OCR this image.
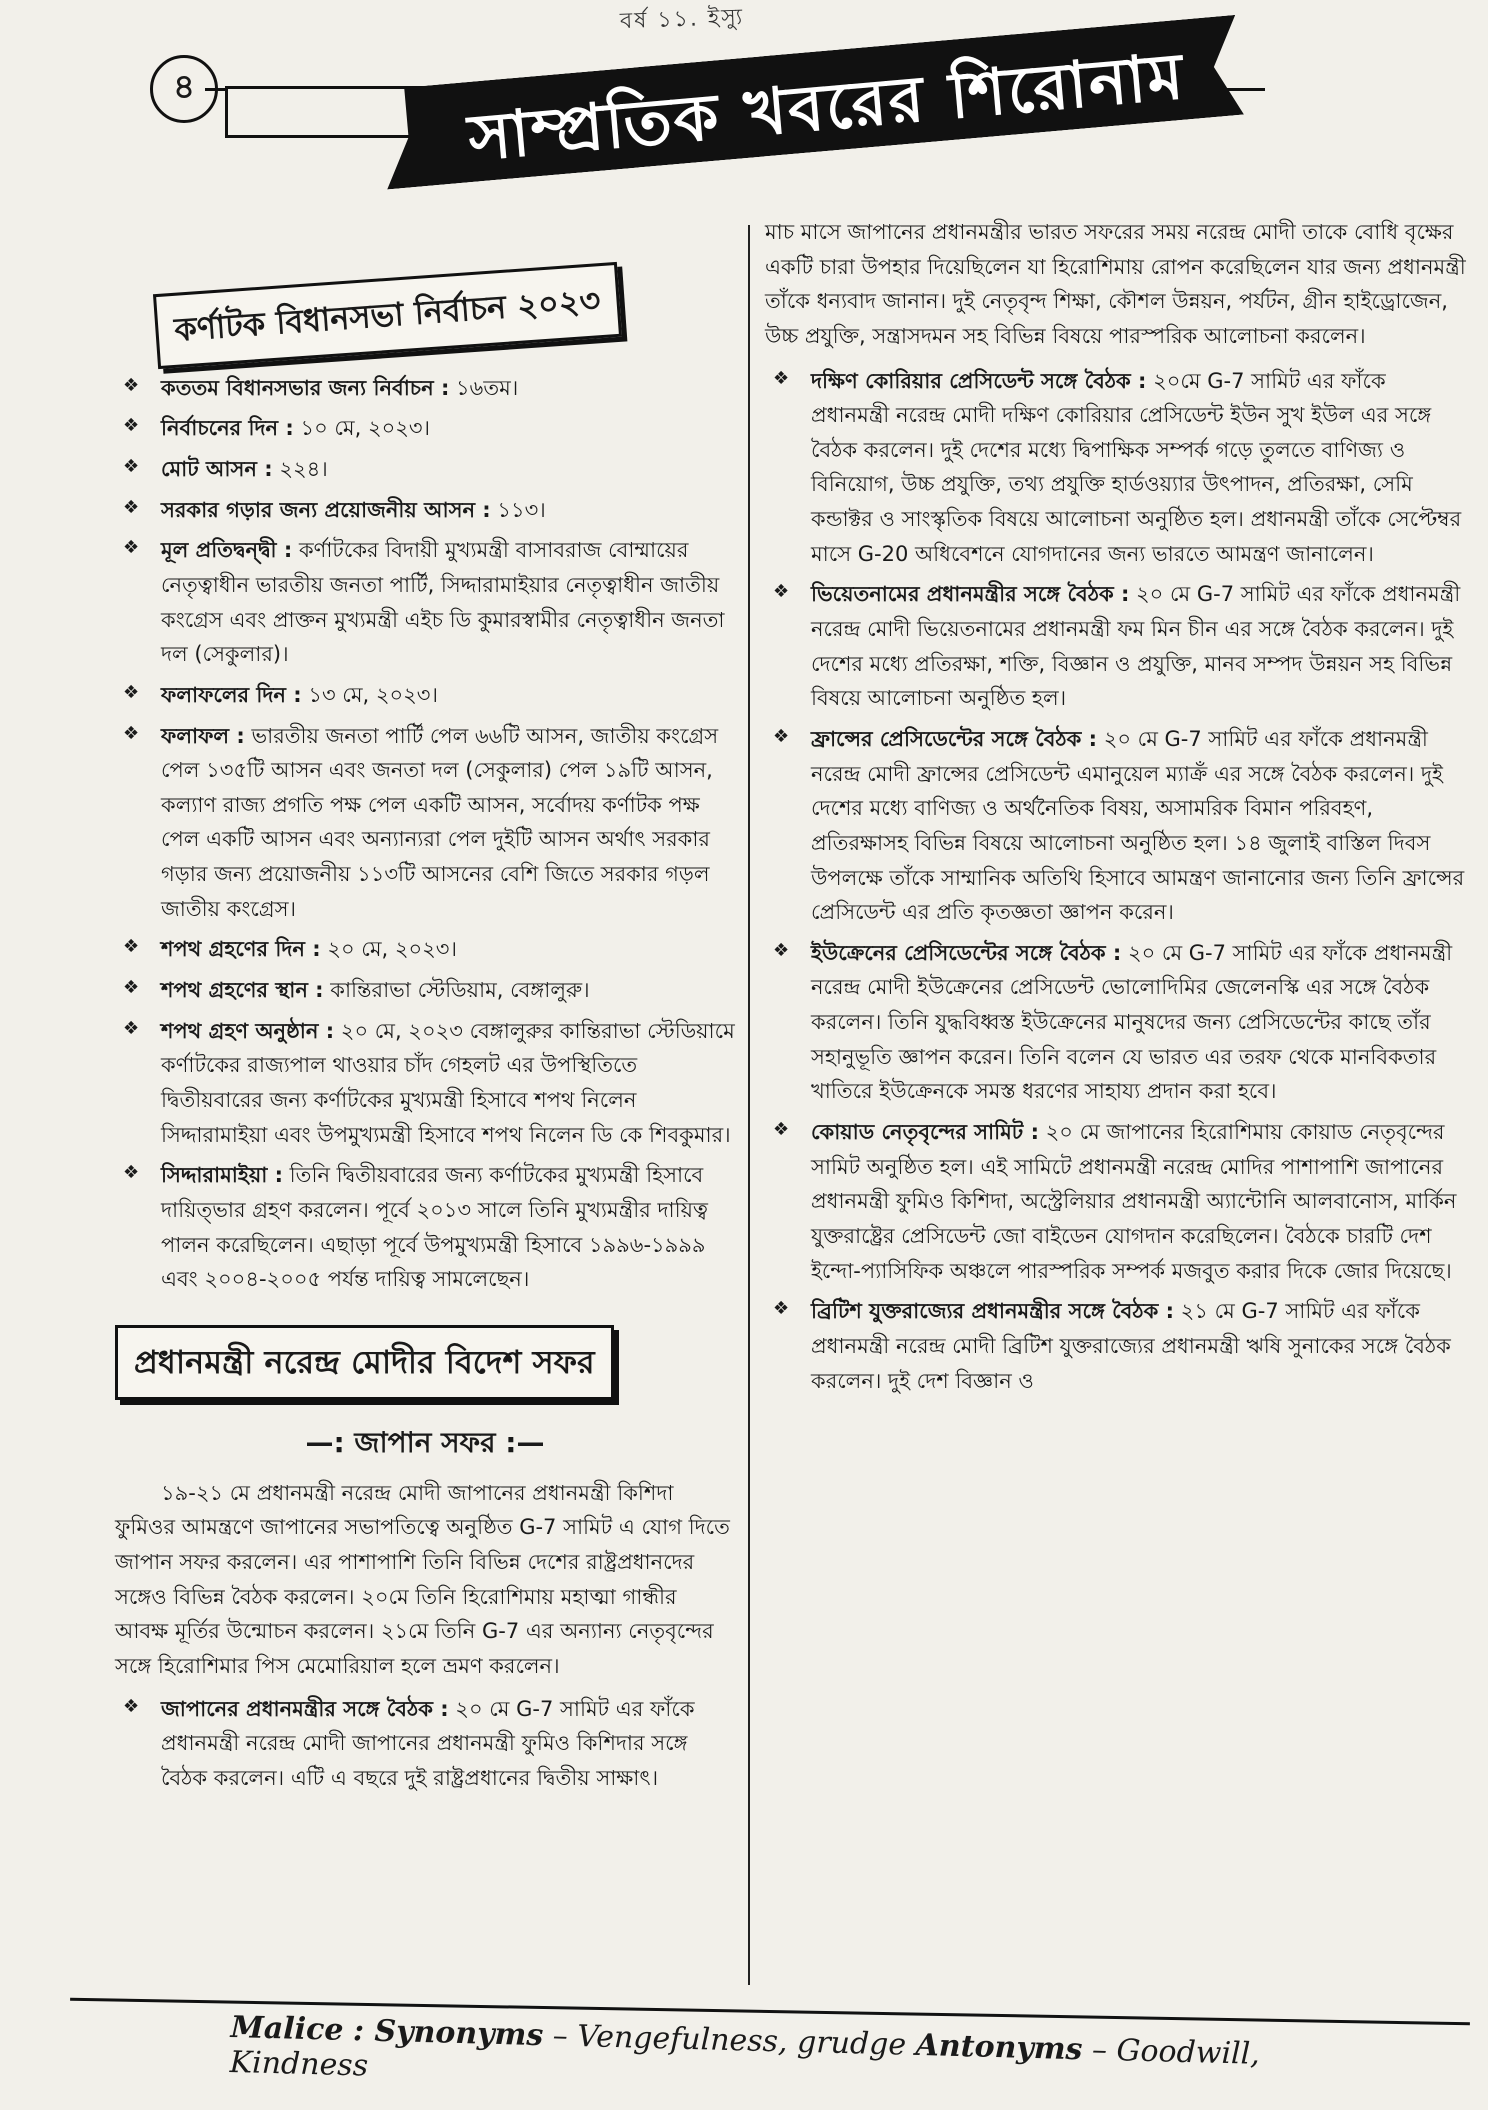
বর্ষ ১১. ইস্যু
৪	সাম্প্রতিক খবরের শিরোনাম
কর্ণাটক বিধানসভা নির্বাচন ২০২৩
❖ কততম বিধানসভার জন্য নির্বাচন : ১৬তম।
❖ নির্বাচনের দিন : ১০ মে, ২০২৩।
❖ মোট আসন : ২২৪।
❖ সরকার গড়ার জন্য প্রয়োজনীয় আসন : ১১৩।
❖ মূল প্রতিদ্বন্দ্বী : কর্ণাটকের বিদায়ী মুখ্যমন্ত্রী বাসাবরাজ বোম্মায়ের নেতৃত্বাধীন ভারতীয় জনতা পার্টি, সিদ্দারামাইয়ার নেতৃত্বাধীন জাতীয় কংগ্রেস এবং প্রাক্তন মুখ্যমন্ত্রী এইচ ডি কুমারস্বামীর নেতৃত্বাধীন জনতা দল (সেকুলার)।
❖ ফলাফলের দিন : ১৩ মে, ২০২৩।
❖ ফলাফল : ভারতীয় জনতা পার্টি পেল ৬৬টি আসন, জাতীয় কংগ্রেস পেল ১৩৫টি আসন এবং জনতা দল (সেকুলার) পেল ১৯টি আসন, কল্যাণ রাজ্য প্রগতি পক্ষ পেল একটি আসন, সর্বোদয় কর্ণাটক পক্ষ পেল একটি আসন এবং অন্যান্যরা পেল দুইটি আসন অর্থাৎ সরকার গড়ার জন্য প্রয়োজনীয় ১১৩টি আসনের বেশি জিতে সরকার গড়ল জাতীয় কংগ্রেস।
❖ শপথ গ্রহণের দিন : ২০ মে, ২০২৩।
❖ শপথ গ্রহণের স্থান : কান্তিরাভা স্টেডিয়াম, বেঙ্গালুরু।
❖ শপথ গ্রহণ অনুষ্ঠান : ২০ মে, ২০২৩ বেঙ্গালুরুর কান্তিরাভা স্টেডিয়ামে কর্ণাটকের রাজ্যপাল থাওয়ার চাঁদ গেহলট এর উপস্থিতিতে দ্বিতীয়বারের জন্য কর্ণাটকের মুখ্যমন্ত্রী হিসাবে শপথ নিলেন সিদ্দারামাইয়া এবং উপমুখ্যমন্ত্রী হিসাবে শপথ নিলেন ডি কে শিবকুমার।
❖ সিদ্দারামাইয়া : তিনি দ্বিতীয়বারের জন্য কর্ণাটকের মুখ্যমন্ত্রী হিসাবে দায়িত্ভার গ্রহণ করলেন। পূর্বে ২০১৩ সালে তিনি মুখ্যমন্ত্রীর দায়িত্ব পালন করেছিলেন। এছাড়া পূর্বে উপমুখ্যমন্ত্রী হিসাবে ১৯৯৬-১৯৯৯ এবং ২০০৪-২০০৫ পর্যন্ত দায়িত্ব সামলেছেন।
প্রধানমন্ত্রী নরেন্দ্র মোদীর বিদেশ সফর
—: জাপান সফর :—

১৯-২১ মে প্রধানমন্ত্রী নরেন্দ্র মোদী জাপানের প্রধানমন্ত্রী কিশিদা ফুমিওর আমন্ত্রণে জাপানের সভাপতিত্বে অনুষ্ঠিত G-7 সামিট এ যোগ দিতে জাপান সফর করলেন। এর পাশাপাশি তিনি বিভিন্ন দেশের রাষ্ট্রপ্রধানদের সঙ্গেও বিভিন্ন বৈঠক করলেন। ২০মে তিনি হিরোশিমায় মহাত্মা গান্ধীর আবক্ষ মূর্তির উন্মোচন করলেন। ২১মে তিনি G-7 এর অন্যান্য নেতৃবৃন্দের সঙ্গে হিরোশিমার পিস মেমোরিয়াল হলে ভ্রমণ করলেন।

❖ জাপানের প্রধানমন্ত্রীর সঙ্গে বৈঠক : ২০ মে G-7 সামিট এর ফাঁকে প্রধানমন্ত্রী নরেন্দ্র মোদী জাপানের প্রধানমন্ত্রী ফুমিও কিশিদার সঙ্গে বৈঠক করলেন। এটি এ বছরে দুই রাষ্ট্রপ্রধানের দ্বিতীয় সাক্ষাৎ।

মাচ মাসে জাপানের প্রধানমন্ত্রীর ভারত সফরের সময় নরেন্দ্র মোদী তাকে বোধি বৃক্ষের একটি চারা উপহার দিয়েছিলেন যা হিরোশিমায় রোপন করেছিলেন যার জন্য প্রধানমন্ত্রী তাঁকে ধন্যবাদ জানান। দুই নেতৃবৃন্দ শিক্ষা, কৌশল উন্নয়ন, পর্যটন, গ্রীন হাইড্রোজেন, উচ্চ প্রযুক্তি, সন্ত্রাসদমন সহ বিভিন্ন বিষয়ে পারস্পরিক আলোচনা করলেন।

❖ দক্ষিণ কোরিয়ার প্রেসিডেন্ট সঙ্গে বৈঠক : ২০মে G-7 সামিট এর ফাঁকে প্রধানমন্ত্রী নরেন্দ্র মোদী দক্ষিণ কোরিয়ার প্রেসিডেন্ট ইউন সুখ ইউল এর সঙ্গে বৈঠক করলেন। দুই দেশের মধ্যে দ্বিপাক্ষিক সম্পর্ক গড়ে তুলতে বাণিজ্য ও বিনিয়োগ, উচ্চ প্রযুক্তি, তথ্য প্রযুক্তি হার্ডওয়্যার উৎপাদন, প্রতিরক্ষা, সেমি কন্ডাক্টর ও সাংস্কৃতিক বিষয়ে আলোচনা অনুষ্ঠিত হল। প্রধানমন্ত্রী তাঁকে সেপ্টেম্বর মাসে G-20 অধিবেশনে যোগদানের জন্য ভারতে আমন্ত্রণ জানালেন।
❖ ভিয়েতনামের প্রধানমন্ত্রীর সঙ্গে বৈঠক : ২০ মে G-7 সামিট এর ফাঁকে প্রধানমন্ত্রী নরেন্দ্র মোদী ভিয়েতনামের প্রধানমন্ত্রী ফম মিন চীন এর সঙ্গে বৈঠক করলেন। দুই দেশের মধ্যে প্রতিরক্ষা, শক্তি, বিজ্ঞান ও প্রযুক্তি, মানব সম্পদ উন্নয়ন সহ বিভিন্ন বিষয়ে আলোচনা অনুষ্ঠিত হল।
❖ ফ্রান্সের প্রেসিডেন্টের সঙ্গে বৈঠক : ২০ মে G-7 সামিট এর ফাঁকে প্রধানমন্ত্রী নরেন্দ্র মোদী ফ্রান্সের প্রেসিডেন্ট এমানুয়েল ম্যাক্রঁ এর সঙ্গে বৈঠক করলেন। দুই দেশের মধ্যে বাণিজ্য ও অর্থনৈতিক বিষয়, অসামরিক বিমান পরিবহণ, প্রতিরক্ষাসহ বিভিন্ন বিষয়ে আলোচনা অনুষ্ঠিত হল। ১৪ জুলাই বাস্তিল দিবস উপলক্ষে তাঁকে সাম্মানিক অতিথি হিসাবে আমন্ত্রণ জানানোর জন্য তিনি ফ্রান্সের প্রেসিডেন্ট এর প্রতি কৃতজ্ঞতা জ্ঞাপন করেন।
❖ ইউক্রেনের প্রেসিডেন্টের সঙ্গে বৈঠক : ২০ মে G-7 সামিট এর ফাঁকে প্রধানমন্ত্রী নরেন্দ্র মোদী ইউক্রেনের প্রেসিডেন্ট ভোলোদিমির জেলেনস্কি এর সঙ্গে বৈঠক করলেন। তিনি যুদ্ধবিধ্বস্ত ইউক্রেনের মানুষদের জন্য প্রেসিডেন্টের কাছে তাঁর সহানুভূতি জ্ঞাপন করেন। তিনি বলেন যে ভারত এর তরফ থেকে মানবিকতার খাতিরে ইউক্রেনকে সমস্ত ধরণের সাহায্য প্রদান করা হবে।
❖ কোয়াড নেতৃবৃন্দের সামিট : ২০ মে জাপানের হিরোশিমায় কোয়াড নেতৃবৃন্দের সামিট অনুষ্ঠিত হল। এই সামিটে প্রধানমন্ত্রী নরেন্দ্র মোদির পাশাপাশি জাপানের প্রধানমন্ত্রী ফুমিও কিশিদা, অস্ট্রেলিয়ার প্রধানমন্ত্রী অ্যান্টোনি আলবানোস, মার্কিন যুক্তরাষ্ট্রের প্রেসিডেন্ট জো বাইডেন যোগদান করেছিলেন। বৈঠকে চারটি দেশ ইন্দো-প্যাসিফিক অঞ্চলে পারস্পরিক সম্পর্ক মজবুত করার দিকে জোর দিয়েছে।
❖ ব্রিটিশ যুক্তরাজ্যের প্রধানমন্ত্রীর সঙ্গে বৈঠক : ২১ মে G-7 সামিট এর ফাঁকে প্রধানমন্ত্রী নরেন্দ্র মোদী ব্রিটিশ যুক্তরাজ্যের প্রধানমন্ত্রী ঋষি সুনাকের সঙ্গে বৈঠক করলেন। দুই দেশ বিজ্ঞান ও
Malice : Synonyms – Vengefulness, grudge Antonyms – Goodwill, Kindness
